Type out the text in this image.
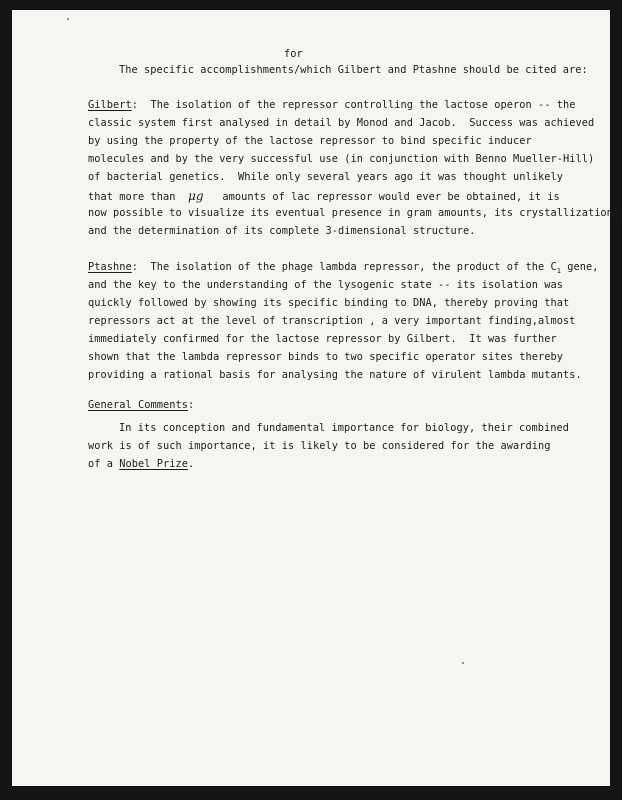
for

The specific accomplishments/which Gilbert and Ptashne should be cited are:

Gilbert:  The isolation of the repressor controlling the lactose operon -- the

classic system first analysed in detail by Monod and Jacob.  Success was achieved

by using the property of the lactose repressor to bind specific inducer

molecules and by the very successful use (in conjunction with Benno Mueller-Hill)

of bacterial genetics.  While only several years ago it was thought unlikely

that more than μg amounts of lac repressor would ever be obtained, it is

now possible to visualize its eventual presence in gram amounts, its crystallization,

and the determination of its complete 3-dimensional structure.

Ptashne:  The isolation of the phage lambda repressor, the product of the $C_1$ gene,

and the key to the understanding of the lysogenic state -- its isolation was

quickly followed by showing its specific binding to DNA, thereby proving that

repressors act at the level of transcription , a very important finding,almost

immediately confirmed for the lactose repressor by Gilbert.  It was further

shown that the lambda repressor binds to two specific operator sites thereby

providing a rational basis for analysing the nature of virulent lambda mutants.

General Comments:

In its conception and fundamental importance for biology, their combined

work is of such importance, it is likely to be considered for the awarding

of a Nobel Prize.
